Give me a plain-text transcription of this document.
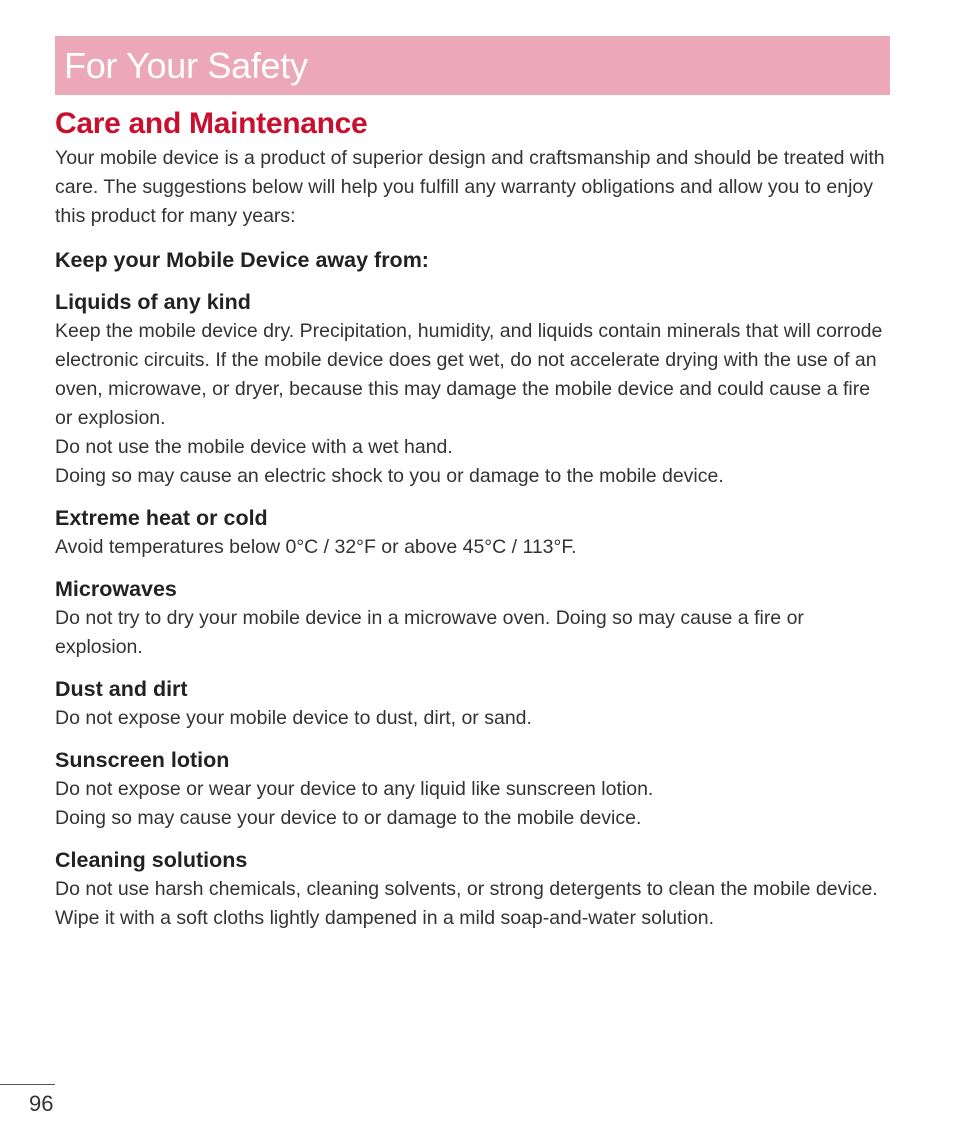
For Your Safety
Care and Maintenance

Your mobile device is a product of superior design and craftsmanship and should be treated with care. The suggestions below will help you fulfill any warranty obligations and allow you to enjoy this product for many years:

Keep your Mobile Device away from:
Liquids of any kind

Keep the mobile device dry. Precipitation, humidity, and liquids contain minerals that will corrode electronic circuits. If the mobile device does get wet, do not accelerate drying with the use of an oven, microwave, or dryer, because this may damage the mobile device and could cause a fire or explosion.

Do not use the mobile device with a wet hand.

Doing so may cause an electric shock to you or damage to the mobile device.

Extreme heat or cold

Avoid temperatures below 0°C / 32°F or above 45°C / 113°F.

Microwaves

Do not try to dry your mobile device in a microwave oven. Doing so may cause a fire or explosion.

Dust and dirt

Do not expose your mobile device to dust, dirt, or sand.

Sunscreen lotion

Do not expose or wear your device to any liquid like sunscreen lotion.

Doing so may cause your device to or damage to the mobile device.

Cleaning solutions

Do not use harsh chemicals, cleaning solvents, or strong detergents to clean the mobile device.

Wipe it with a soft cloths lightly dampened in a mild soap-and-water solution.

96
